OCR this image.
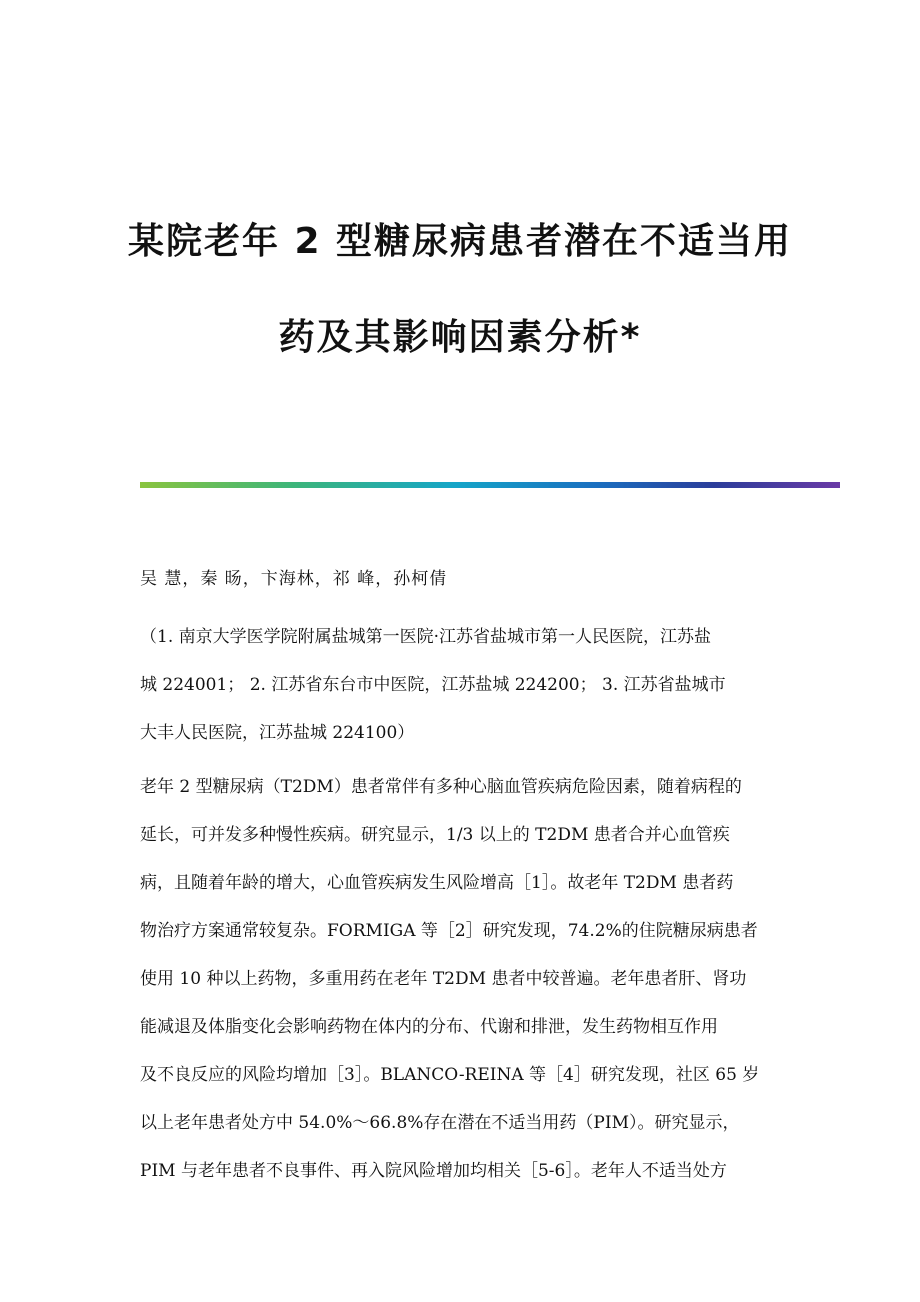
某院老年 2 型糖尿病患者潜在不适当用
药及其影响因素分析*
吴 慧，秦 旸，卞海林，祁 峰，孙柯倩
（1. 南京大学医学院附属盐城第一医院·江苏省盐城市第一人民医院，江苏盐
城 224001； 2. 江苏省东台市中医院，江苏盐城 224200； 3. 江苏省盐城市
大丰人民医院，江苏盐城 224100）
老年 2 型糖尿病（T2DM）患者常伴有多种心脑血管疾病危险因素，随着病程的
延长，可并发多种慢性疾病。研究显示，1/3 以上的 T2DM 患者合并心血管疾
病，且随着年龄的增大，心血管疾病发生风险增高［1］。故老年 T2DM 患者药
物治疗方案通常较复杂。FORMIGA 等［2］研究发现，74.2%的住院糖尿病患者
使用 10 种以上药物，多重用药在老年 T2DM 患者中较普遍。老年患者肝、肾功
能减退及体脂变化会影响药物在体内的分布、代谢和排泄，发生药物相互作用
及不良反应的风险均增加［3］。BLANCO-REINA 等［4］研究发现，社区 65 岁
以上老年患者处方中 54.0%～66.8%存在潜在不适当用药（PIM）。研究显示，
PIM 与老年患者不良事件、再入院风险增加均相关［5-6］。老年人不适当处方
